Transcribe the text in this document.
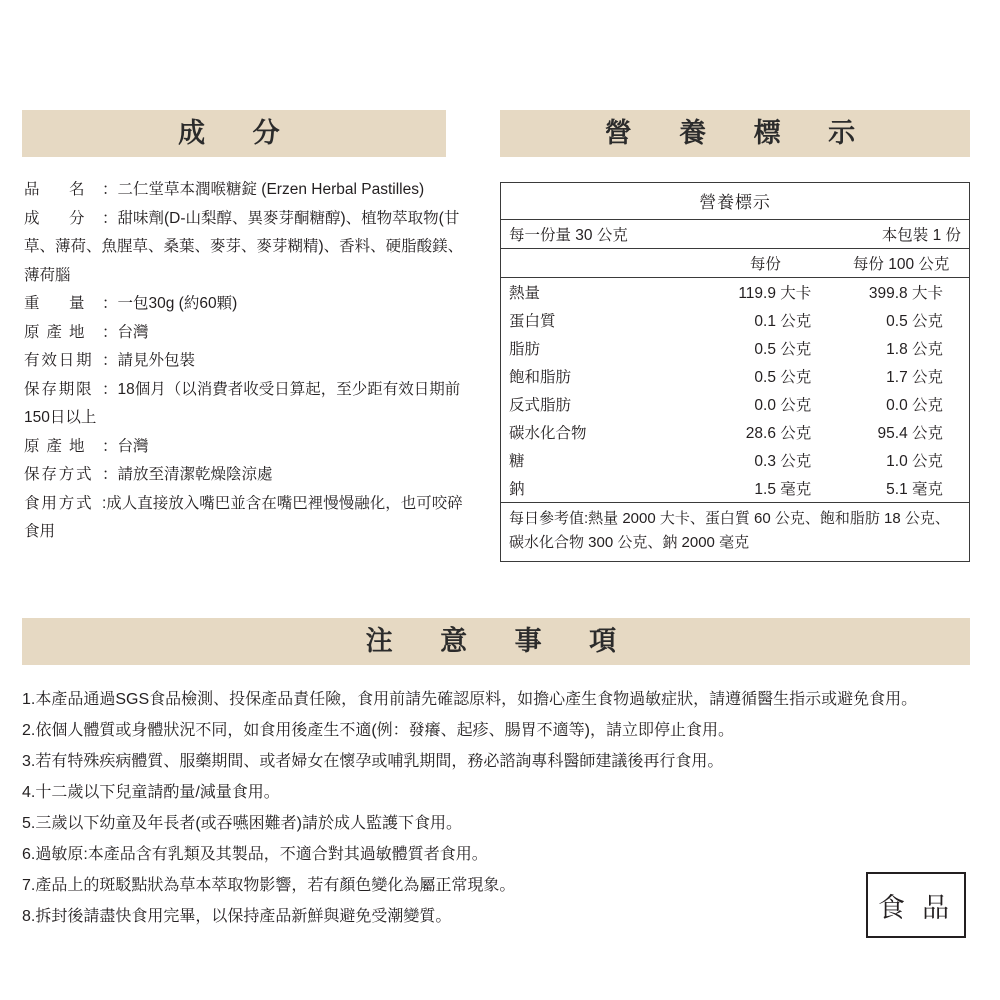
成　分	營　養　標　示
注　意　事　項
品　名 ：二仁堂草本潤喉糖錠 (Erzen Herbal Pastilles)
成　分 ：甜味劑(D-山梨醇、異麥芽酮糖醇)、植物萃取物(甘草、薄荷、魚腥草、桑葉、麥芽、麥芽糊精)、香料、硬脂酸鎂、薄荷腦
重　量 ：一包30g (約60顆)
原產地 ：台灣
有效日期 ：請見外包裝
保存期限 ：18個月（以消費者收受日算起，至少距有效日期前150日以上
原產地 ：台灣
保存方式 ：請放至清潔乾燥陰涼處
食用方式 :成人直接放入嘴巴並含在嘴巴裡慢慢融化，也可咬碎食用
營養標示		
每一份量 30 公克	本包裝 1 份	
	每份	每份 100 公克
熱量	119.9 大卡	399.8 大卡
蛋白質	0.1 公克	0.5 公克
脂肪	0.5 公克	1.8 公克
飽和脂肪	0.5 公克	1.7 公克
反式脂肪	0.0 公克	0.0 公克
碳水化合物	28.6 公克	95.4 公克
糖	0.3 公克	1.0 公克
鈉	1.5 毫克	5.1 毫克
每日參考值:熱量 2000 大卡、蛋白質 60 公克、飽和脂肪 18 公克、碳水化合物 300 公克、鈉 2000 毫克
1.本產品通過SGS食品檢測、投保產品責任險，食用前請先確認原料，如擔心產生食物過敏症狀，請遵循醫生指示或避免食用。
2.依個人體質或身體狀況不同，如食用後產生不適(例：發癢、起疹、腸胃不適等)，請立即停止食用。
3.若有特殊疾病體質、服藥期間、或者婦女在懷孕或哺乳期間，務必諮詢專科醫師建議後再行食用。
4.十二歲以下兒童請酌量/減量食用。
5.三歲以下幼童及年長者(或吞嚥困難者)請於成人監護下食用。
6.過敏原:本產品含有乳類及其製品，不適合對其過敏體質者食用。
7.產品上的斑駁點狀為草本萃取物影響，若有顏色變化為屬正常現象。
8.拆封後請盡快食用完畢，以保持產品新鮮與避免受潮變質。	食 品
